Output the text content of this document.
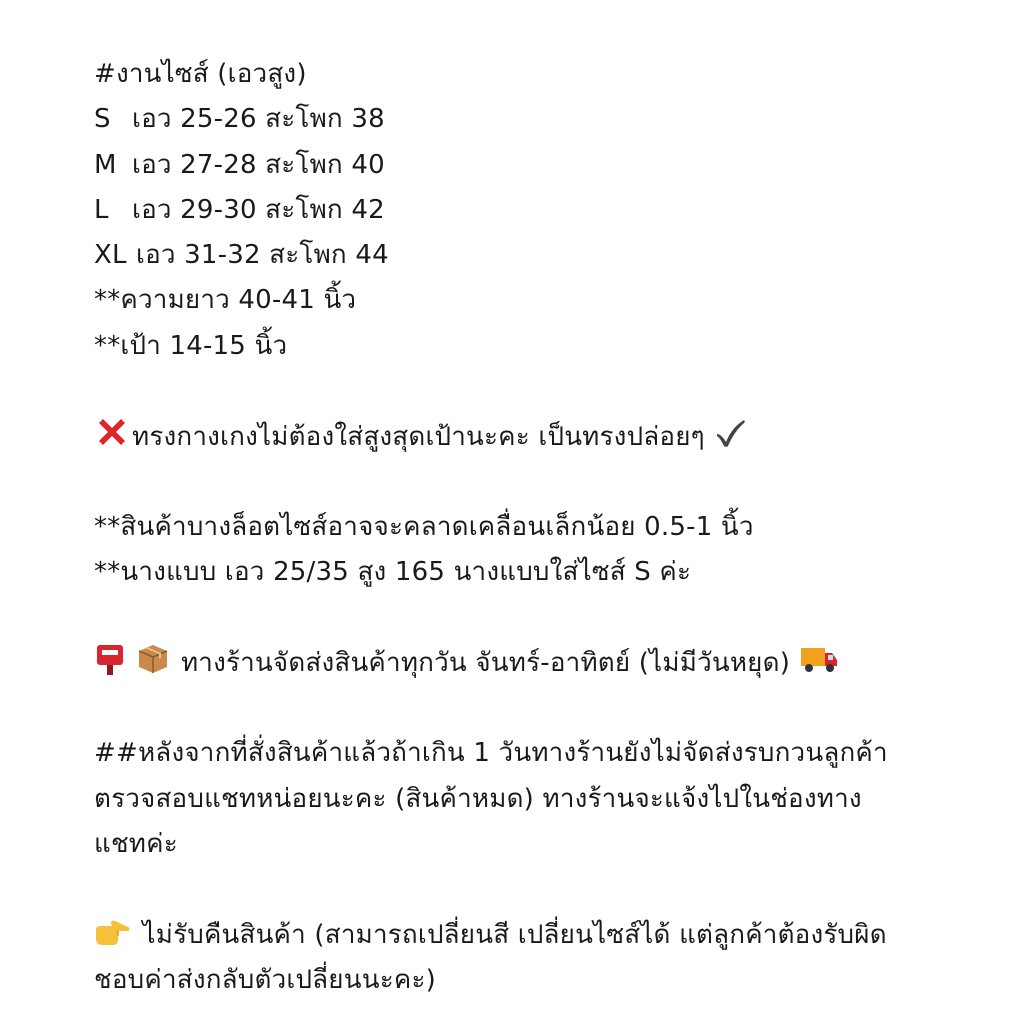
#งานไซส์ (เอวสูง)
S เอว 25-26 สะโพก 38
M เอว 27-28 สะโพก 40
L เอว 29-30 สะโพก 42
XL เอว 31-32 สะโพก 44
**ความยาว 40-41 นิ้ว
**เป้า 14-15 นิ้ว
ทรงกางเกงไม่ต้องใส่สูงสุดเป้านะคะ เป็นทรงปล่อยๆ
**สินค้าบางล็อตไซส์อาจจะคลาดเคลื่อนเล็กน้อย 0.5-1 นิ้ว
**นางแบบ เอว 25/35 สูง 165 นางแบบใส่ไซส์ S ค่ะ

ทางร้านจัดส่งสินค้าทุกวัน จันทร์-อาทิตย์ (ไม่มีวันหยุด)
##หลังจากที่สั่งสินค้าแล้วถ้าเกิน 1 วันทางร้านยังไม่จัดส่งรบกวนลูกค้า
ตรวจสอบแชทหน่อยนะคะ (สินค้าหมด) ทางร้านจะแจ้งไปในช่องทาง
แชทค่ะ
ไม่รับคืนสินค้า (สามารถเปลี่ยนสี เปลี่ยนไซส์ได้ แต่ลูกค้าต้องรับผิด
ชอบค่าส่งกลับตัวเปลี่ยนนะคะ)
